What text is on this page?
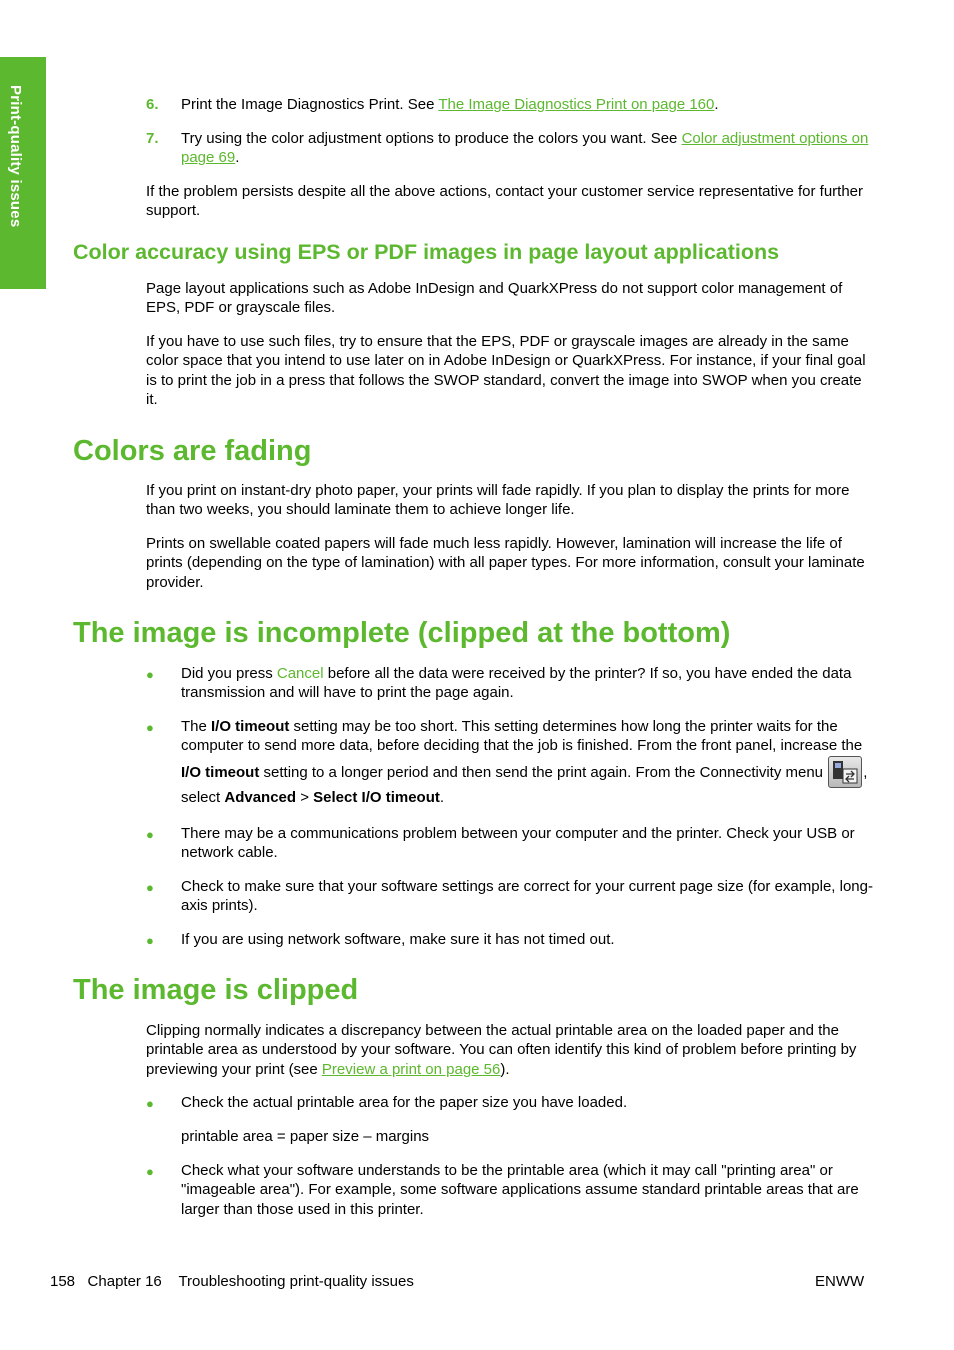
Print-quality issues	6. Print the Image Diagnostics Print. See The Image Diagnostics Print on page 160.

7. Try using the color adjustment options to produce the colors you want. See Color adjustment options on page 69.

If the problem persists despite all the above actions, contact your customer service representative for further support.

Color accuracy using EPS or PDF images in page layout applications

Page layout applications such as Adobe InDesign and QuarkXPress do not support color management of EPS, PDF or grayscale files.

If you have to use such files, try to ensure that the EPS, PDF or grayscale images are already in the same color space that you intend to use later on in Adobe InDesign or QuarkXPress. For instance, if your final goal is to print the job in a press that follows the SWOP standard, convert the image into SWOP when you create it.

Colors are fading

If you print on instant-dry photo paper, your prints will fade rapidly. If you plan to display the prints for more than two weeks, you should laminate them to achieve longer life.

Prints on swellable coated papers will fade much less rapidly. However, lamination will increase the life of prints (depending on the type of lamination) with all paper types. For more information, consult your laminate provider.

The image is incomplete (clipped at the bottom)

● Did you press Cancel before all the data were received by the printer? If so, you have ended the data transmission and will have to print the page again.

● The I/O timeout setting may be too short. This setting determines how long the printer waits for the computer to send more data, before deciding that the job is finished. From the front panel, increase the I/O timeout setting to a longer period and then send the print again. From the Connectivity menu , select Advanced > Select I/O timeout.

● There may be a communications problem between your computer and the printer. Check your USB or network cable.

● Check to make sure that your software settings are correct for your current page size (for example, long-axis prints).

● If you are using network software, make sure it has not timed out.

The image is clipped

Clipping normally indicates a discrepancy between the actual printable area on the loaded paper and the printable area as understood by your software. You can often identify this kind of problem before printing by previewing your print (see Preview a print on page 56).

● Check the actual printable area for the paper size you have loaded.

printable area = paper size – margins

● Check what your software understands to be the printable area (which it may call "printing area" or "imageable area"). For example, some software applications assume standard printable areas that are larger than those used in this printer.

158 Chapter 16 Troubleshooting print-quality issues	ENWW
